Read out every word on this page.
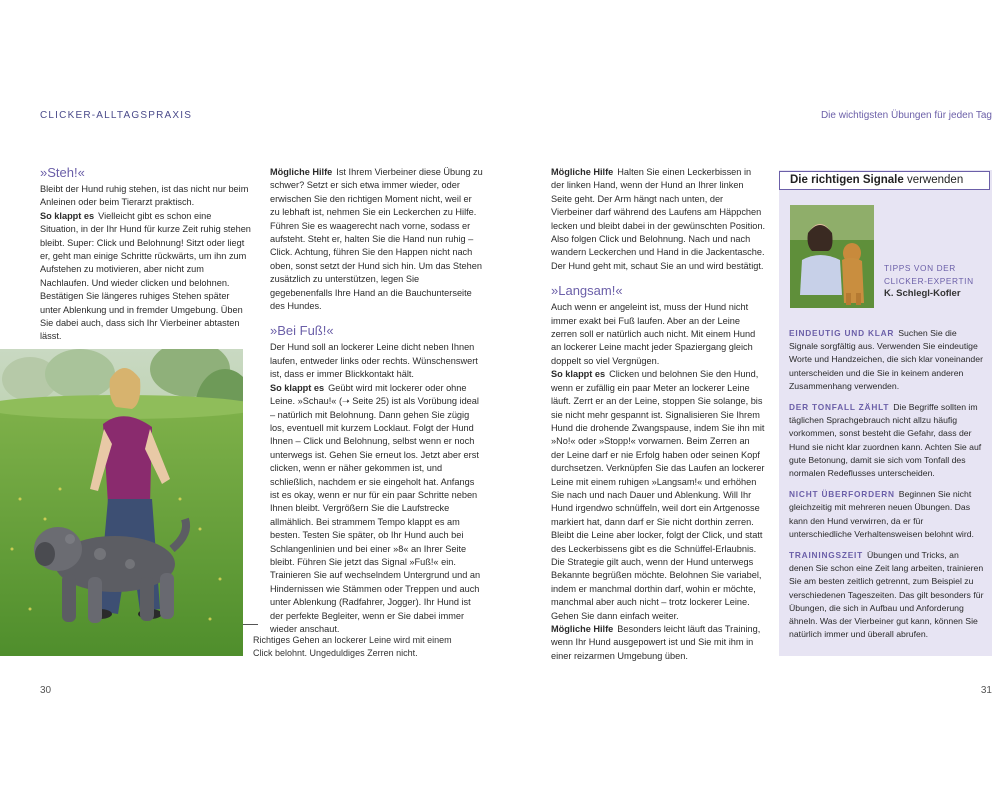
CLICKER-ALLTAGSPRAXIS	Die wichtigsten Übungen für jeden Tag
»Steh!«

Bleibt der Hund ruhig stehen, ist das nicht nur beim Anleinen oder beim Tierarzt praktisch.

So klappt es Vielleicht gibt es schon eine Situation, in der Ihr Hund für kurze Zeit ruhig stehen bleibt. Super: Click und Belohnung! Sitzt oder liegt er, geht man einige Schritte rückwärts, um ihn zum Aufstehen zu motivieren, aber nicht zum Nachlaufen. Und wieder clicken und belohnen. Bestätigen Sie längeres ruhiges Stehen später unter Ablenkung und in fremder Umgebung. Üben Sie dabei auch, dass sich Ihr Vierbeiner abtasten lässt.

Richtiges Gehen an lockerer Leine wird mit einem Click belohnt. Ungeduldiges Zerren nicht.

Mögliche Hilfe Ist Ihrem Vierbeiner diese Übung zu schwer? Setzt er sich etwa immer wieder, oder erwischen Sie den richtigen Moment nicht, weil er zu lebhaft ist, nehmen Sie ein Leckerchen zu Hilfe. Führen Sie es waagerecht nach vorne, sodass er aufsteht. Steht er, halten Sie die Hand nun ruhig – Click. Achtung, führen Sie den Happen nicht nach oben, sonst setzt der Hund sich hin. Um das Stehen zusätzlich zu unterstützen, legen Sie gegebenenfalls Ihre Hand an die Bauchunterseite des Hundes.

»Bei Fuß!«

Der Hund soll an lockerer Leine dicht neben Ihnen laufen, entweder links oder rechts. Wünschenswert ist, dass er immer Blickkontakt hält.

So klappt es Geübt wird mit lockerer oder ohne Leine. »Schau!« (➝ Seite 25) ist als Vorübung ideal – natürlich mit Belohnung. Dann gehen Sie zügig los, eventuell mit kurzem Locklaut. Folgt der Hund Ihnen – Click und Belohnung, selbst wenn er noch unterwegs ist. Gehen Sie erneut los. Jetzt aber erst clicken, wenn er näher gekommen ist, und schließlich, nachdem er sie eingeholt hat. Anfangs ist es okay, wenn er nur für ein paar Schritte neben Ihnen bleibt. Vergrößern Sie die Laufstrecke allmählich. Bei strammem Tempo klappt es am besten. Testen Sie später, ob Ihr Hund auch bei Schlangenlinien und bei einer »8« an Ihrer Seite bleibt. Führen Sie jetzt das Signal »Fuß!« ein. Trainieren Sie auf wechselndem Untergrund und an Hindernissen wie Stämmen oder Treppen und auch unter Ablenkung (Radfahrer, Jogger). Ihr Hund ist der perfekte Begleiter, wenn er Sie dabei immer wieder anschaut.

Mögliche Hilfe Halten Sie einen Leckerbissen in der linken Hand, wenn der Hund an Ihrer linken Seite geht. Der Arm hängt nach unten, der Vierbeiner darf während des Laufens am Häppchen lecken und bleibt dabei in der gewünschten Position. Also folgen Click und Belohnung. Nach und nach wandern Leckerchen und Hand in die Jackentasche. Der Hund geht mit, schaut Sie an und wird bestätigt.

»Langsam!«

Auch wenn er angeleint ist, muss der Hund nicht immer exakt bei Fuß laufen. Aber an der Leine zerren soll er natürlich auch nicht. Mit einem Hund an lockerer Leine macht jeder Spaziergang gleich doppelt so viel Vergnügen.

So klappt es Clicken und belohnen Sie den Hund, wenn er zufällig ein paar Meter an lockerer Leine läuft. Zerrt er an der Leine, stoppen Sie solange, bis sie nicht mehr gespannt ist. Signalisieren Sie Ihrem Hund die drohende Zwangspause, indem Sie ihn mit »No!« oder »Stopp!« vorwarnen. Beim Zerren an der Leine darf er nie Erfolg haben oder seinen Kopf durchsetzen. Verknüpfen Sie das Laufen an lockerer Leine mit einem ruhigen »Langsam!« und erhöhen Sie nach und nach Dauer und Ablenkung. Will Ihr Hund irgendwo schnüffeln, weil dort ein Artgenosse markiert hat, dann darf er Sie nicht dorthin zerren. Bleibt die Leine aber locker, folgt der Click, und statt des Leckerbissens gibt es die Schnüffel-Erlaubnis. Die Strategie gilt auch, wenn der Hund unterwegs Bekannte begrüßen möchte. Belohnen Sie variabel, indem er manchmal dorthin darf, wohin er möchte, manchmal aber auch nicht – trotz lockerer Leine. Gehen Sie dann einfach weiter.

Mögliche Hilfe Besonders leicht läuft das Training, wenn Ihr Hund ausgepowert ist und Sie mit ihm in einer reizarmen Umgebung üben.

Die richtigen Signale verwenden
TIPPS VON DER
CLICKER-EXPERTIN
K. Schlegl-Kofler

EINDEUTIG UND KLAR Suchen Sie die Signale sorgfältig aus. Verwenden Sie eindeutige Worte und Handzeichen, die sich klar voneinander unterscheiden und die Sie in keinem anderen Zusammenhang verwenden.

DER TONFALL ZÄHLT Die Begriffe sollten im täglichen Sprachgebrauch nicht allzu häufig vorkommen, sonst besteht die Gefahr, dass der Hund sie nicht klar zuordnen kann. Achten Sie auf gute Betonung, damit sie sich vom Tonfall des normalen Redeflusses unterscheiden.

NICHT ÜBERFORDERN Beginnen Sie nicht gleichzeitig mit mehreren neuen Übungen. Das kann den Hund verwirren, da er für unterschiedliche Verhaltensweisen belohnt wird.

TRAININGSZEIT Übungen und Tricks, an denen Sie schon eine Zeit lang arbeiten, trainieren Sie am besten zeitlich getrennt, zum Beispiel zu verschiedenen Tageszeiten. Das gilt besonders für Übungen, die sich in Aufbau und Anforderung ähneln. Was der Vierbeiner gut kann, können Sie natürlich immer und überall abrufen.

30	31
